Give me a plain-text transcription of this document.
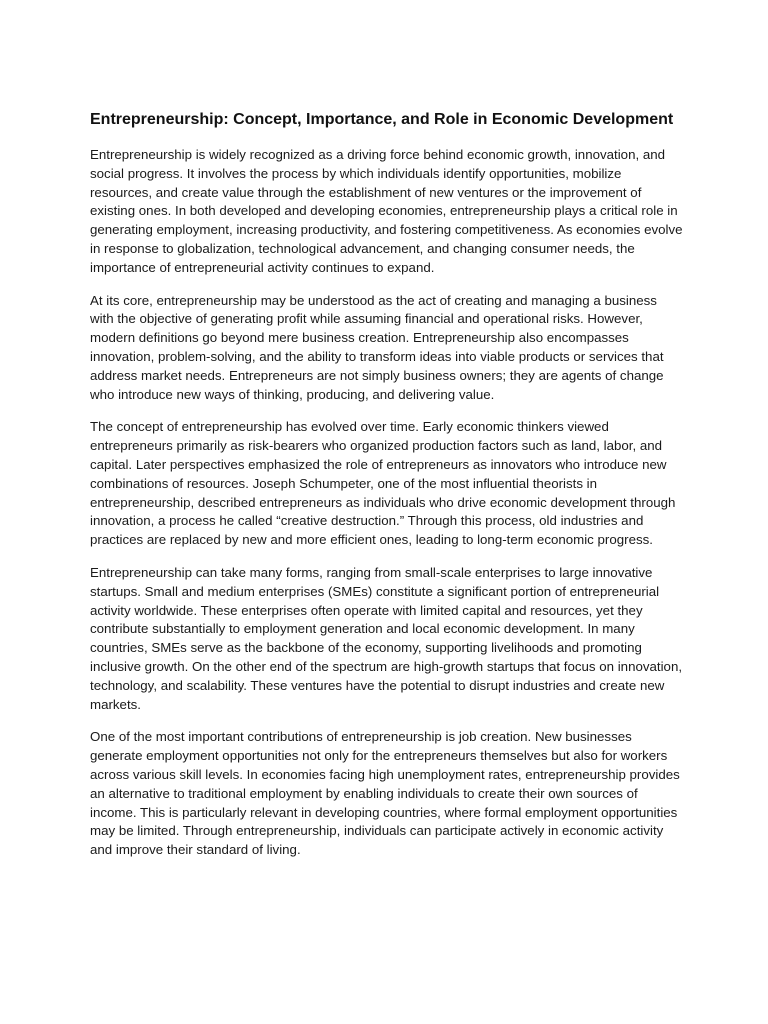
Entrepreneurship: Concept, Importance, and Role in Economic Development

Entrepreneurship is widely recognized as a driving force behind economic growth, innovation, and social progress. It involves the process by which individuals identify opportunities, mobilize resources, and create value through the establishment of new ventures or the improvement of existing ones. In both developed and developing economies, entrepreneurship plays a critical role in generating employment, increasing productivity, and fostering competitiveness. As economies evolve in response to globalization, technological advancement, and changing consumer needs, the importance of entrepreneurial activity continues to expand.

At its core, entrepreneurship may be understood as the act of creating and managing a business with the objective of generating profit while assuming financial and operational risks. However, modern definitions go beyond mere business creation. Entrepreneurship also encompasses innovation, problem-solving, and the ability to transform ideas into viable products or services that address market needs. Entrepreneurs are not simply business owners; they are agents of change who introduce new ways of thinking, producing, and delivering value.

The concept of entrepreneurship has evolved over time. Early economic thinkers viewed entrepreneurs primarily as risk-bearers who organized production factors such as land, labor, and capital. Later perspectives emphasized the role of entrepreneurs as innovators who introduce new combinations of resources. Joseph Schumpeter, one of the most influential theorists in entrepreneurship, described entrepreneurs as individuals who drive economic development through innovation, a process he called “creative destruction.” Through this process, old industries and practices are replaced by new and more efficient ones, leading to long-term economic progress.

Entrepreneurship can take many forms, ranging from small-scale enterprises to large innovative startups. Small and medium enterprises (SMEs) constitute a significant portion of entrepreneurial activity worldwide. These enterprises often operate with limited capital and resources, yet they contribute substantially to employment generation and local economic development. In many countries, SMEs serve as the backbone of the economy, supporting livelihoods and promoting inclusive growth. On the other end of the spectrum are high-growth startups that focus on innovation, technology, and scalability. These ventures have the potential to disrupt industries and create new markets.

One of the most important contributions of entrepreneurship is job creation. New businesses generate employment opportunities not only for the entrepreneurs themselves but also for workers across various skill levels. In economies facing high unemployment rates, entrepreneurship provides an alternative to traditional employment by enabling individuals to create their own sources of income. This is particularly relevant in developing countries, where formal employment opportunities may be limited. Through entrepreneurship, individuals can participate actively in economic activity and improve their standard of living.
